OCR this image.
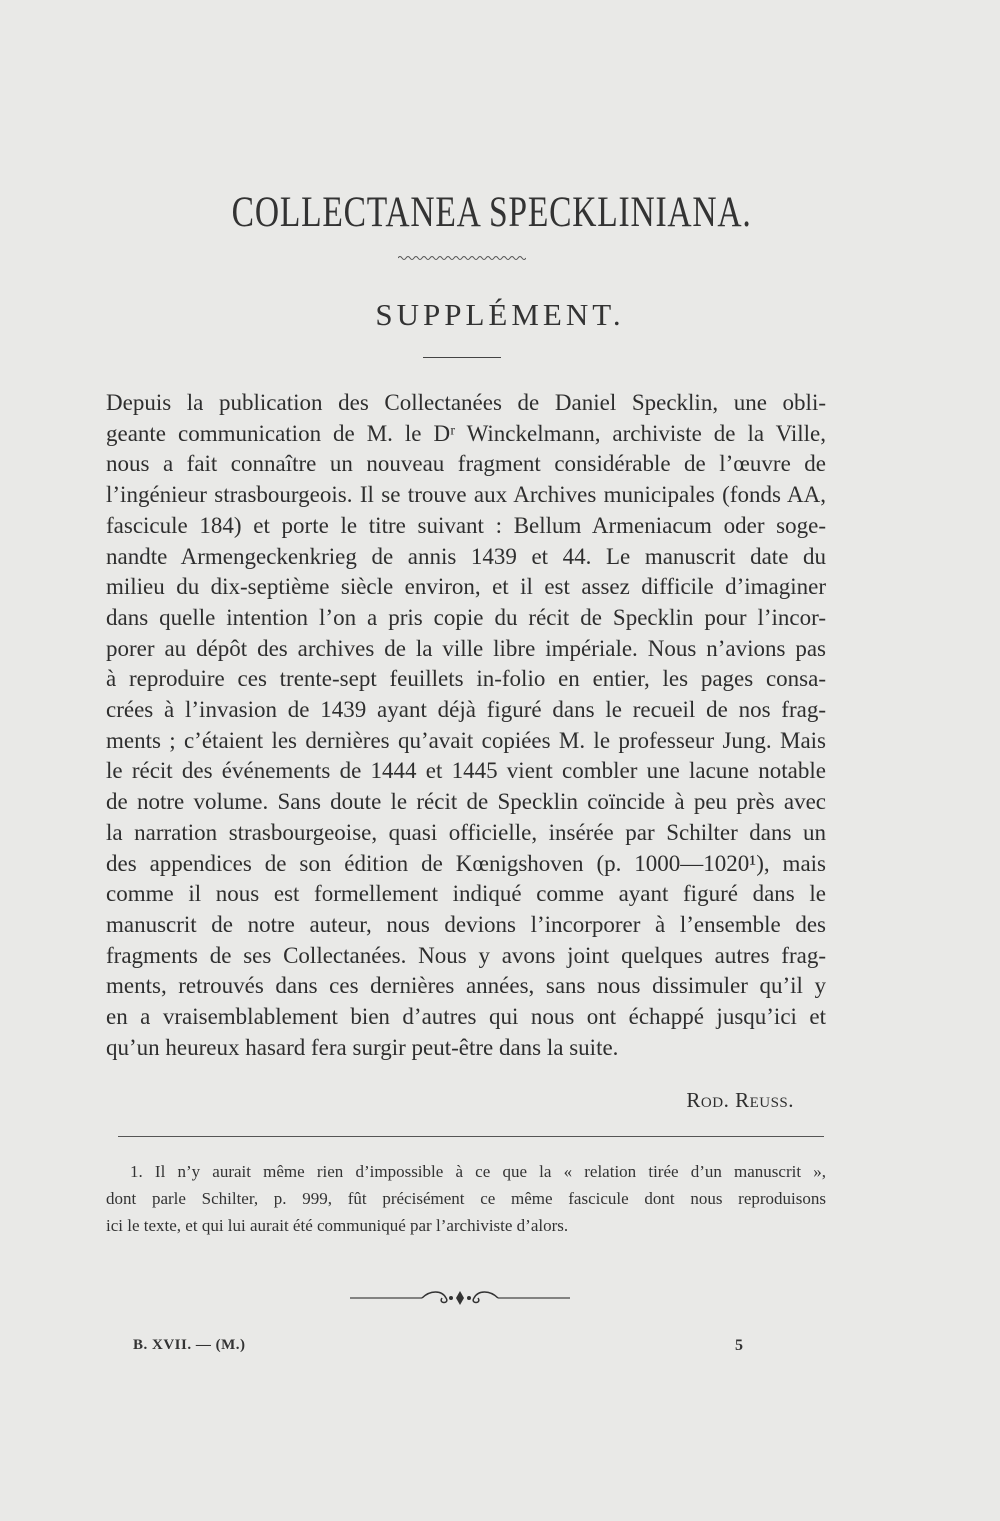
COLLECTANEA SPECKLINIANA.
SUPPLÉMENT.
Depuis la publication des Collectanées de Daniel Specklin, une obli-
geante communication de M. le Dʳ Winckelmann, archiviste de la Ville,
nous a fait connaître un nouveau fragment considérable de l’œuvre de
l’ingénieur strasbourgeois. Il se trouve aux Archives municipales (fonds AA,
fascicule 184) et porte le titre suivant : Bellum Armeniacum oder soge-
nandte Armengeckenkrieg de annis 1439 et 44. Le manuscrit date du
milieu du dix-septième siècle environ, et il est assez difficile d’imaginer
dans quelle intention l’on a pris copie du récit de Specklin pour l’incor-
porer au dépôt des archives de la ville libre impériale. Nous n’avions pas
à reproduire ces trente-sept feuillets in-folio en entier, les pages consa-
crées à l’invasion de 1439 ayant déjà figuré dans le recueil de nos frag-
ments ; c’étaient les dernières qu’avait copiées M. le professeur Jung. Mais
le récit des événements de 1444 et 1445 vient combler une lacune notable
de notre volume. Sans doute le récit de Specklin coïncide à peu près avec
la narration strasbourgeoise, quasi officielle, insérée par Schilter dans un
des appendices de son édition de Kœnigshoven (p. 1000—1020¹), mais
comme il nous est formellement indiqué comme ayant figuré dans le
manuscrit de notre auteur, nous devions l’incorporer à l’ensemble des
fragments de ses Collectanées. Nous y avons joint quelques autres frag-
ments, retrouvés dans ces dernières années, sans nous dissimuler qu’il y
en a vraisemblablement bien d’autres qui nous ont échappé jusqu’ici et
qu’un heureux hasard fera surgir peut-être dans la suite.
Rod. Reuss.
1. Il n’y aurait même rien d’impossible à ce que la « relation tirée d’un manuscrit »,
dont parle Schilter, p. 999, fût précisément ce même fascicule dont nous reproduisons
ici le texte, et qui lui aurait été communiqué par l’archiviste d’alors.
B. XVII. — (M.)	5
